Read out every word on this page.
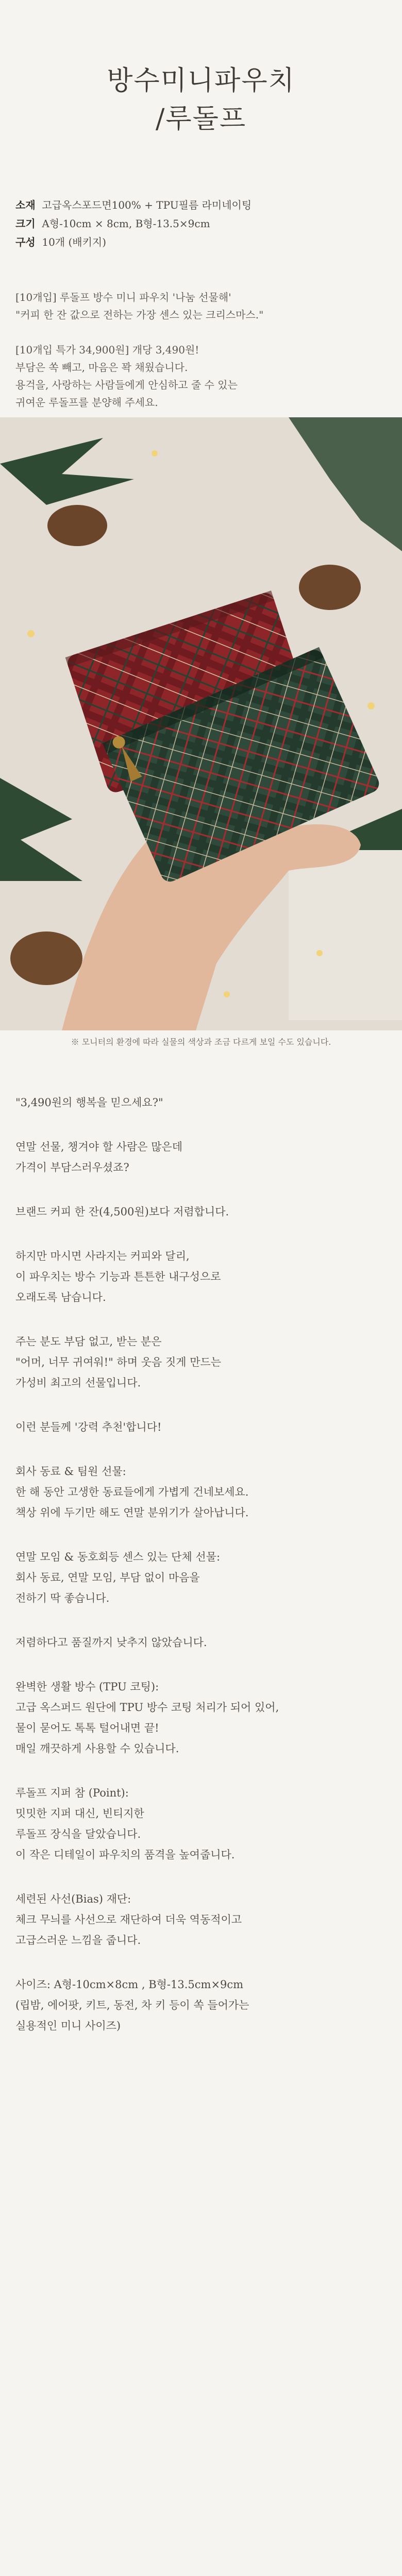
방수미니파우치
/루돌프
소재 고급옥스포드면100% + TPU필름 라미네이팅
크기 A형-10cm × 8cm, B형-13.5×9cm
구성 10개 (배키지)
[10개입] 루돌프 방수 미니 파우치 '나눔 선물해'
"커피 한 잔 값으로 전하는 가장 센스 있는 크리스마스."

[10개입 특가 34,900원] 개당 3,490원!
부담은 쏙 빼고, 마음은 꽉 채웠습니다.
용걱을, 사랑하는 사람들에게 안심하고 줄 수 있는
귀여운 루돌프를 분양해 주세요.
※ 모니터의 환경에 따라 실물의 색상과 조금 다르게 보일 수도 있습니다.

"3,490원의 행복을 믿으세요?"

연말 선물, 챙겨야 할 사람은 많은데
가격이 부담스러우셨죠?

브랜드 커피 한 잔(4,500원)보다 저렴합니다.

하지만 마시면 사라지는 커피와 달리,
이 파우치는 방수 기능과 튼튼한 내구성으로
오래도록 남습니다.

주는 분도 부담 없고, 받는 분은
"어머, 너무 귀여워!" 하며 웃음 짓게 만드는
가성비 최고의 선물입니다.

이런 분들께 '강력 추천'합니다!

회사 동료 & 팀원 선물:
한 해 동안 고생한 동료들에게 가볍게 건네보세요.
책상 위에 두기만 해도 연말 분위기가 살아납니다.

연말 모임 & 동호회등 센스 있는 단체 선물:
회사 동료, 연말 모임, 부담 없이 마음을
전하기 딱 좋습니다.

저렴하다고 품질까지 낮추지 않았습니다.

완벽한 생활 방수 (TPU 코팅):
고급 옥스퍼드 원단에 TPU 방수 코팅 처리가 되어 있어,
물이 묻어도 톡톡 털어내면 끝!
매일 깨끗하게 사용할 수 있습니다.

루돌프 지퍼 참 (Point):
밋밋한 지퍼 대신, 빈티지한
루돌프 장식을 달았습니다.
이 작은 디테일이 파우치의 품격을 높여줍니다.

세련된 사선(Bias) 재단:
체크 무늬를 사선으로 재단하여 더욱 역동적이고
고급스러운 느낌을 줍니다.

사이즈: A형-10cm×8cm , B형-13.5cm×9cm
(립밤, 에어팟, 키트, 동전, 차 키 등이 쏙 들어가는
실용적인 미니 사이즈)
